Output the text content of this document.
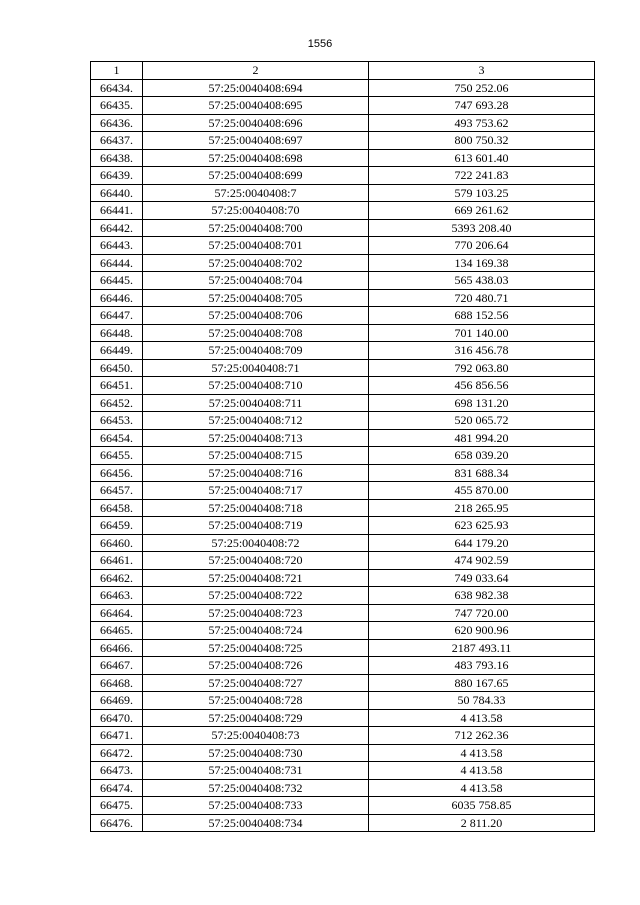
1556
1	2	3
66434.	57:25:0040408:694	750 252.06
66435.	57:25:0040408:695	747 693.28
66436.	57:25:0040408:696	493 753.62
66437.	57:25:0040408:697	800 750.32
66438.	57:25:0040408:698	613 601.40
66439.	57:25:0040408:699	722 241.83
66440.	57:25:0040408:7	579 103.25
66441.	57:25:0040408:70	669 261.62
66442.	57:25:0040408:700	5393 208.40
66443.	57:25:0040408:701	770 206.64
66444.	57:25:0040408:702	134 169.38
66445.	57:25:0040408:704	565 438.03
66446.	57:25:0040408:705	720 480.71
66447.	57:25:0040408:706	688 152.56
66448.	57:25:0040408:708	701 140.00
66449.	57:25:0040408:709	316 456.78
66450.	57:25:0040408:71	792 063.80
66451.	57:25:0040408:710	456 856.56
66452.	57:25:0040408:711	698 131.20
66453.	57:25:0040408:712	520 065.72
66454.	57:25:0040408:713	481 994.20
66455.	57:25:0040408:715	658 039.20
66456.	57:25:0040408:716	831 688.34
66457.	57:25:0040408:717	455 870.00
66458.	57:25:0040408:718	218 265.95
66459.	57:25:0040408:719	623 625.93
66460.	57:25:0040408:72	644 179.20
66461.	57:25:0040408:720	474 902.59
66462.	57:25:0040408:721	749 033.64
66463.	57:25:0040408:722	638 982.38
66464.	57:25:0040408:723	747 720.00
66465.	57:25:0040408:724	620 900.96
66466.	57:25:0040408:725	2187 493.11
66467.	57:25:0040408:726	483 793.16
66468.	57:25:0040408:727	880 167.65
66469.	57:25:0040408:728	50 784.33
66470.	57:25:0040408:729	4 413.58
66471.	57:25:0040408:73	712 262.36
66472.	57:25:0040408:730	4 413.58
66473.	57:25:0040408:731	4 413.58
66474.	57:25:0040408:732	4 413.58
66475.	57:25:0040408:733	6035 758.85
66476.	57:25:0040408:734	2 811.20
